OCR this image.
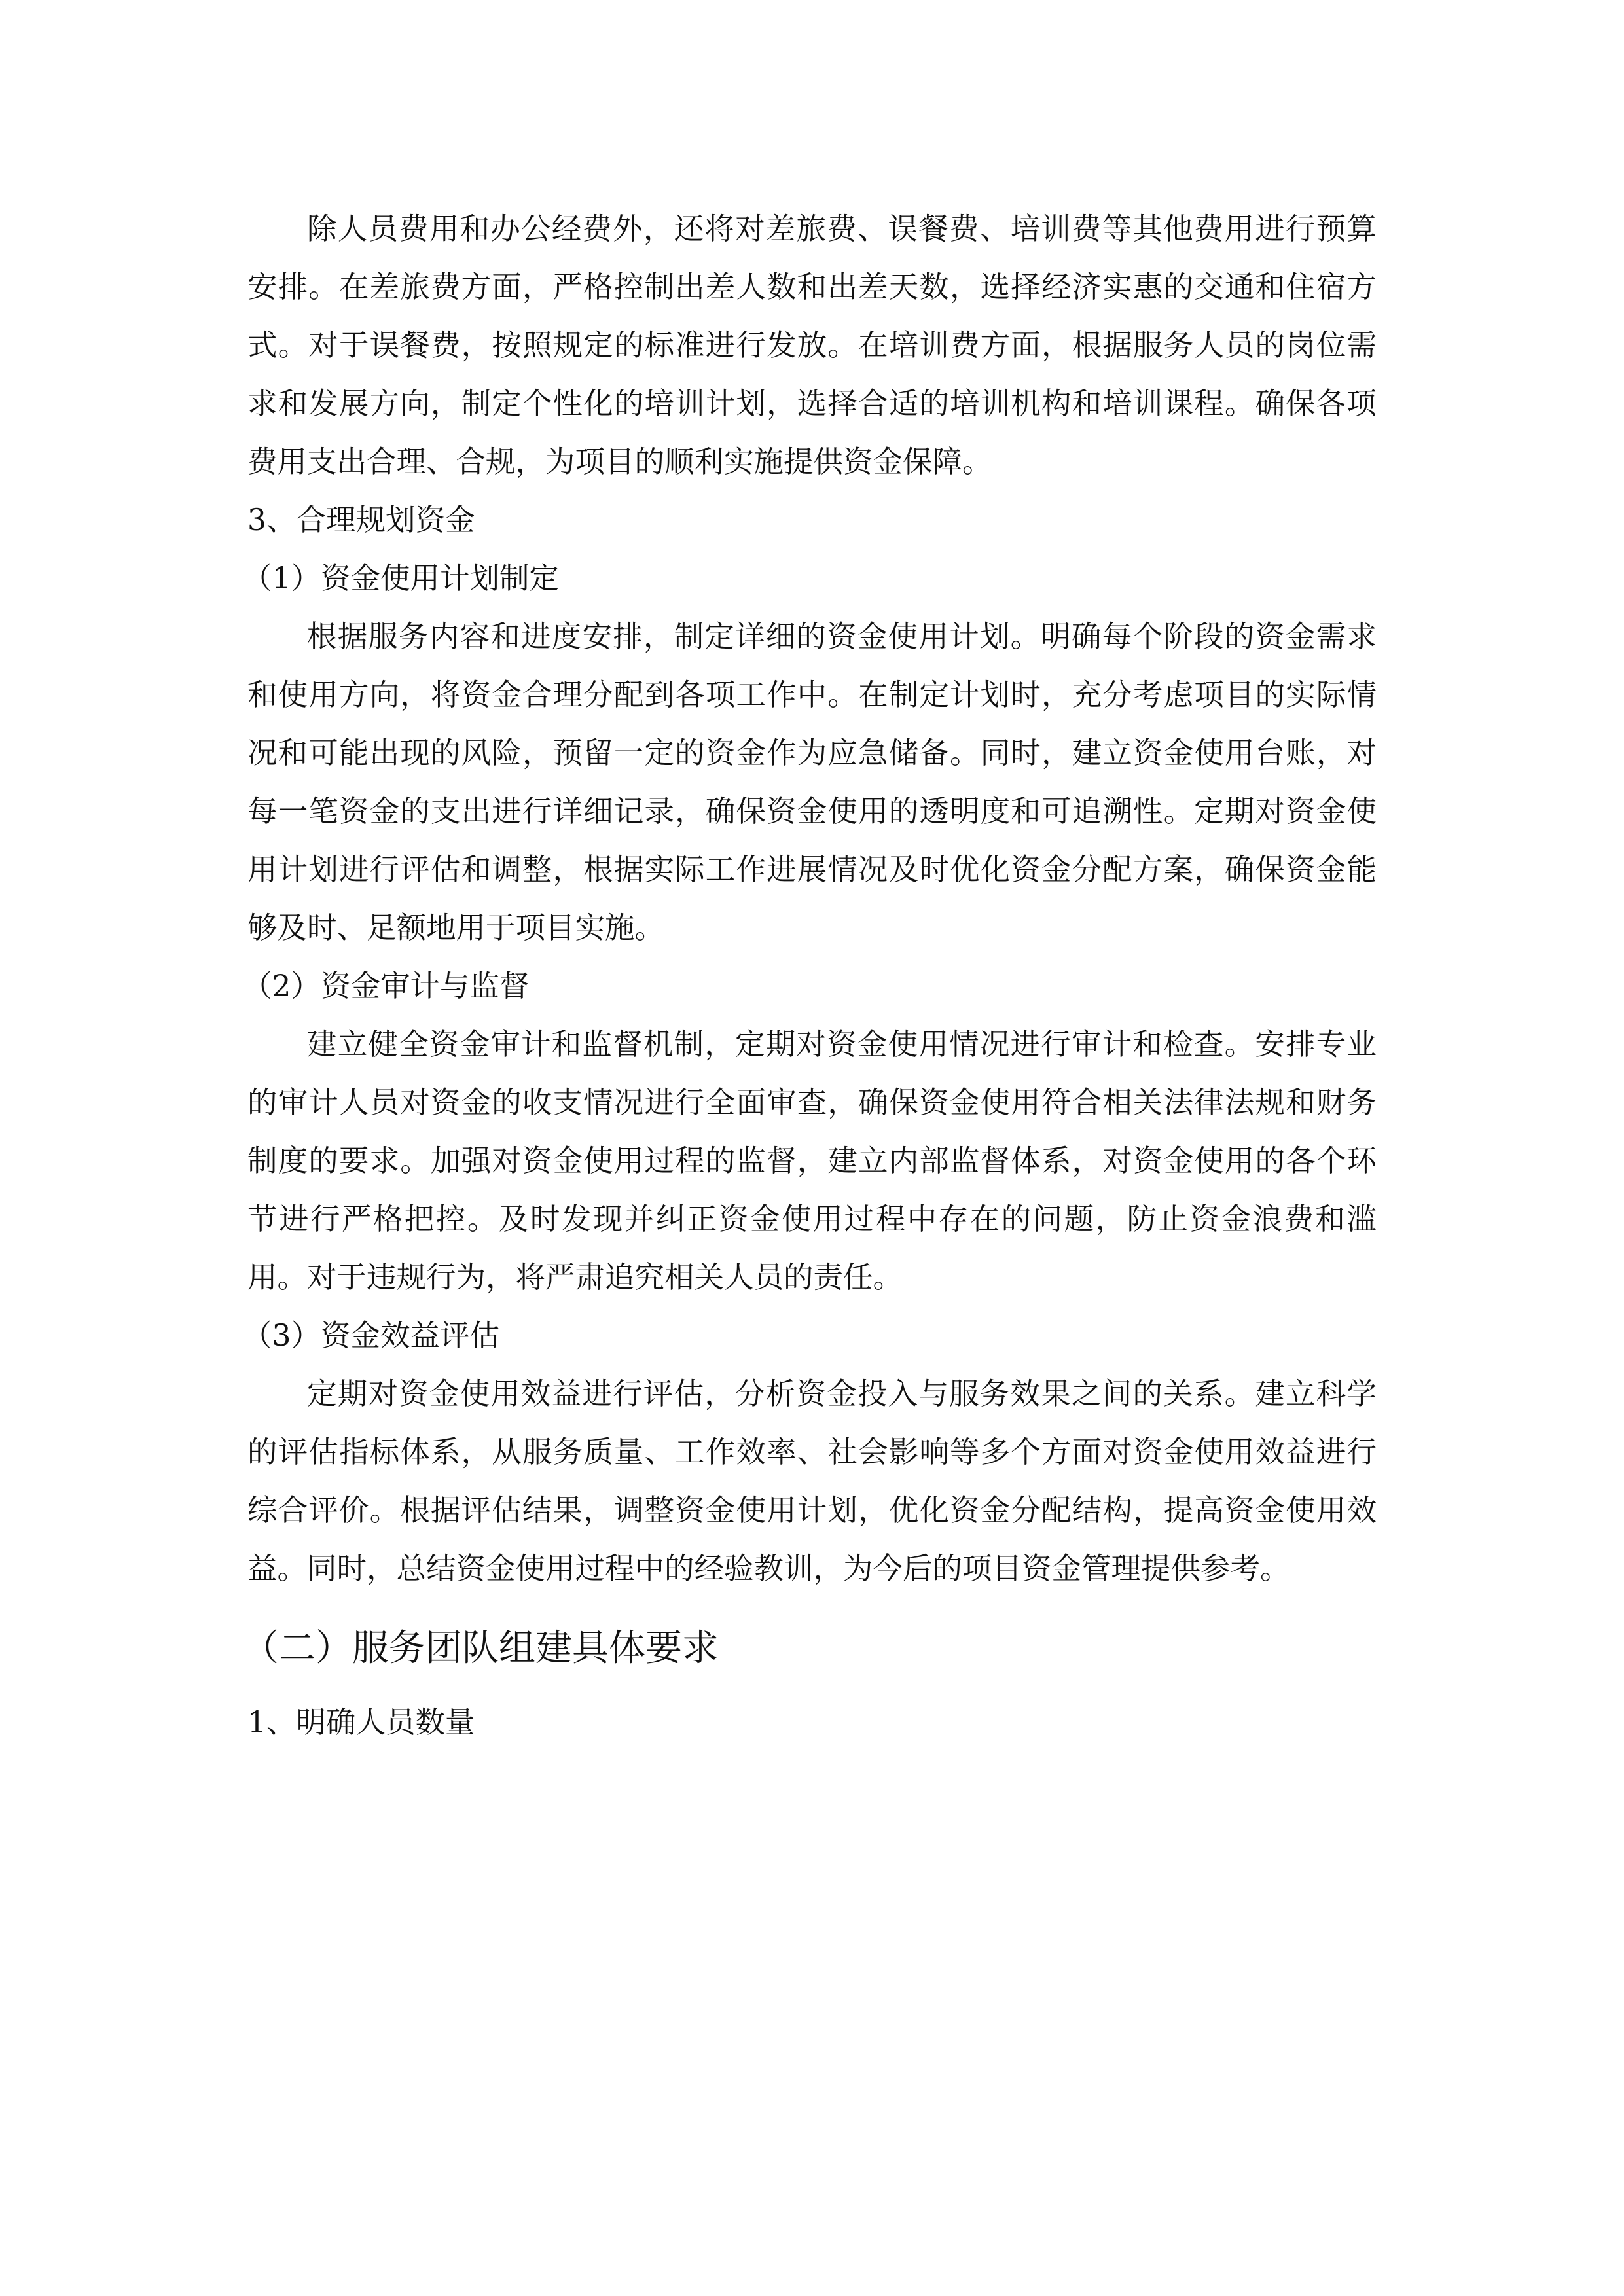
除人员费用和办公经费外，还将对差旅费、误餐费、培训费等其他费用进行预算安排。在差旅费方面，严格控制出差人数和出差天数，选择经济实惠的交通和住宿方式。对于误餐费，按照规定的标准进行发放。在培训费方面，根据服务人员的岗位需求和发展方向，制定个性化的培训计划，选择合适的培训机构和培训课程。确保各项费用支出合理、合规，为项目的顺利实施提供资金保障。

3、合理规划资金

（1）资金使用计划制定

根据服务内容和进度安排，制定详细的资金使用计划。明确每个阶段的资金需求和使用方向，将资金合理分配到各项工作中。在制定计划时，充分考虑项目的实际情况和可能出现的风险，预留一定的资金作为应急储备。同时，建立资金使用台账，对每一笔资金的支出进行详细记录，确保资金使用的透明度和可追溯性。定期对资金使用计划进行评估和调整，根据实际工作进展情况及时优化资金分配方案，确保资金能够及时、足额地用于项目实施。

（2）资金审计与监督

建立健全资金审计和监督机制，定期对资金使用情况进行审计和检查。安排专业的审计人员对资金的收支情况进行全面审查，确保资金使用符合相关法律法规和财务制度的要求。加强对资金使用过程的监督，建立内部监督体系，对资金使用的各个环节进行严格把控。及时发现并纠正资金使用过程中存在的问题，防止资金浪费和滥用。对于违规行为，将严肃追究相关人员的责任。

（3）资金效益评估

定期对资金使用效益进行评估，分析资金投入与服务效果之间的关系。建立科学的评估指标体系，从服务质量、工作效率、社会影响等多个方面对资金使用效益进行综合评价。根据评估结果，调整资金使用计划，优化资金分配结构，提高资金使用效益。同时，总结资金使用过程中的经验教训，为今后的项目资金管理提供参考。

（二）服务团队组建具体要求

1、明确人员数量
